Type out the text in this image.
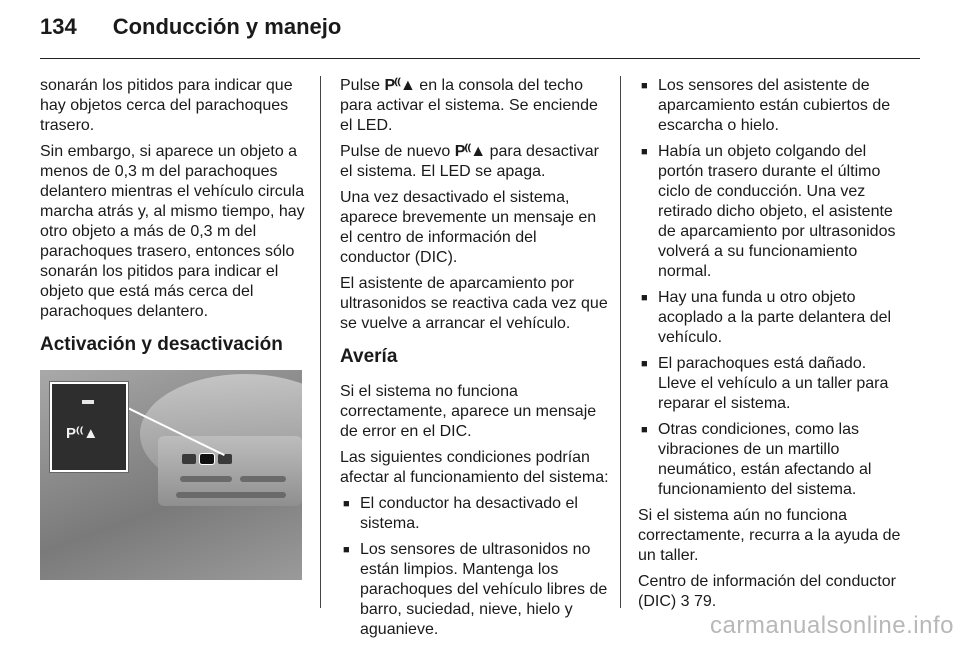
134 Conducción y manejo

sonarán los pitidos para indicar que hay objetos cerca del parachoques trasero.

Sin embargo, si aparece un objeto a menos de 0,3 m del parachoques delantero mientras el vehículo circula marcha atrás y, al mismo tiempo, hay otro objeto a más de 0,3 m del parachoques trasero, entonces sólo sonarán los pitidos para indicar el objeto que está más cerca del parachoques delantero.

Activación y desactivación
P⁽⁽▲

Pulse P⁽⁽▲ en la consola del techo para activar el sistema. Se enciende el LED.

Pulse de nuevo P⁽⁽▲ para desactivar el sistema. El LED se apaga.

Una vez desactivado el sistema, aparece brevemente un mensaje en el centro de información del conductor (DIC).

El asistente de aparcamiento por ultrasonidos se reactiva cada vez que se vuelve a arrancar el vehículo.

Avería

Si el sistema no funciona correctamente, aparece un mensaje de error en el DIC.

Las siguientes condiciones podrían afectar al funcionamiento del sistema:

■ El conductor ha desactivado el sistema.
■ Los sensores de ultrasonidos no están limpios. Mantenga los parachoques del vehículo libres de barro, suciedad, nieve, hielo y aguanieve.
■ Los sensores del asistente de aparcamiento están cubiertos de escarcha o hielo.
■ Había un objeto colgando del portón trasero durante el último ciclo de conducción. Una vez retirado dicho objeto, el asistente de aparcamiento por ultrasonidos volverá a su funcionamiento normal.
■ Hay una funda u otro objeto acoplado a la parte delantera del vehículo.
■ El parachoques está dañado. Lleve el vehículo a un taller para reparar el sistema.
■ Otras condiciones, como las vibraciones de un martillo neumático, están afectando al funcionamiento del sistema.

Si el sistema aún no funciona correctamente, recurra a la ayuda de un taller.

Centro de información del conductor (DIC) 3 79.

carmanualsonline.info
